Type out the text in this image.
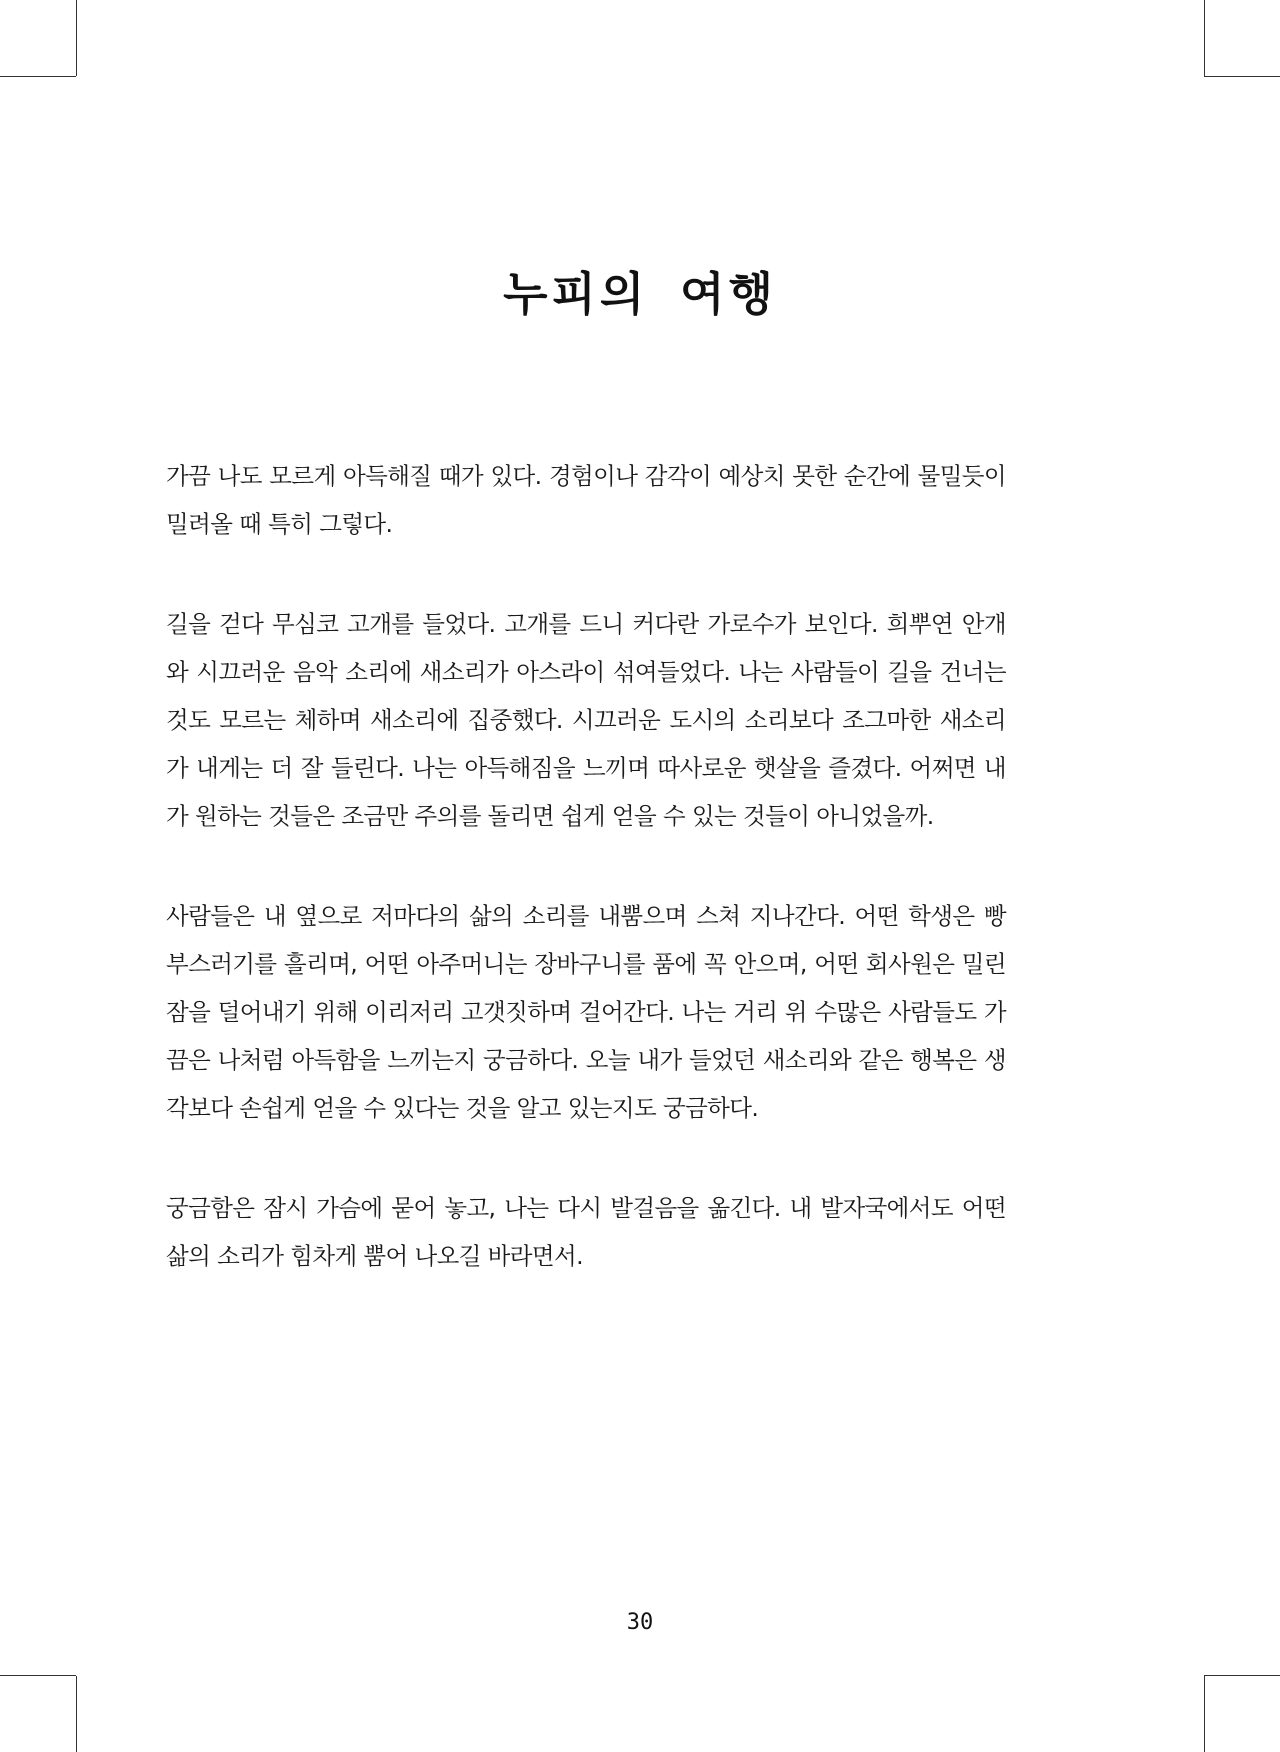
누피의 여행

가끔 나도 모르게 아득해질 때가 있다. 경험이나 감각이 예상치 못한 순간에 물밀듯이 밀려올 때 특히 그렇다.

길을 걷다 무심코 고개를 들었다. 고개를 드니 커다란 가로수가 보인다. 희뿌연 안개와 시끄러운 음악 소리에 새소리가 아스라이 섞여들었다. 나는 사람들이 길을 건너는 것도 모르는 체하며 새소리에 집중했다. 시끄러운 도시의 소리보다 조그마한 새소리가 내게는 더 잘 들린다. 나는 아득해짐을 느끼며 따사로운 햇살을 즐겼다. 어쩌면 내가 원하는 것들은 조금만 주의를 돌리면 쉽게 얻을 수 있는 것들이 아니었을까.

사람들은 내 옆으로 저마다의 삶의 소리를 내뿜으며 스쳐 지나간다. 어떤 학생은 빵 부스러기를 흘리며, 어떤 아주머니는 장바구니를 품에 꼭 안으며, 어떤 회사원은 밀린 잠을 덜어내기 위해 이리저리 고갯짓하며 걸어간다. 나는 거리 위 수많은 사람들도 가끔은 나처럼 아득함을 느끼는지 궁금하다. 오늘 내가 들었던 새소리와 같은 행복은 생각보다 손쉽게 얻을 수 있다는 것을 알고 있는지도 궁금하다.

궁금함은 잠시 가슴에 묻어 놓고, 나는 다시 발걸음을 옮긴다. 내 발자국에서도 어떤 삶의 소리가 힘차게 뿜어 나오길 바라면서.

30
